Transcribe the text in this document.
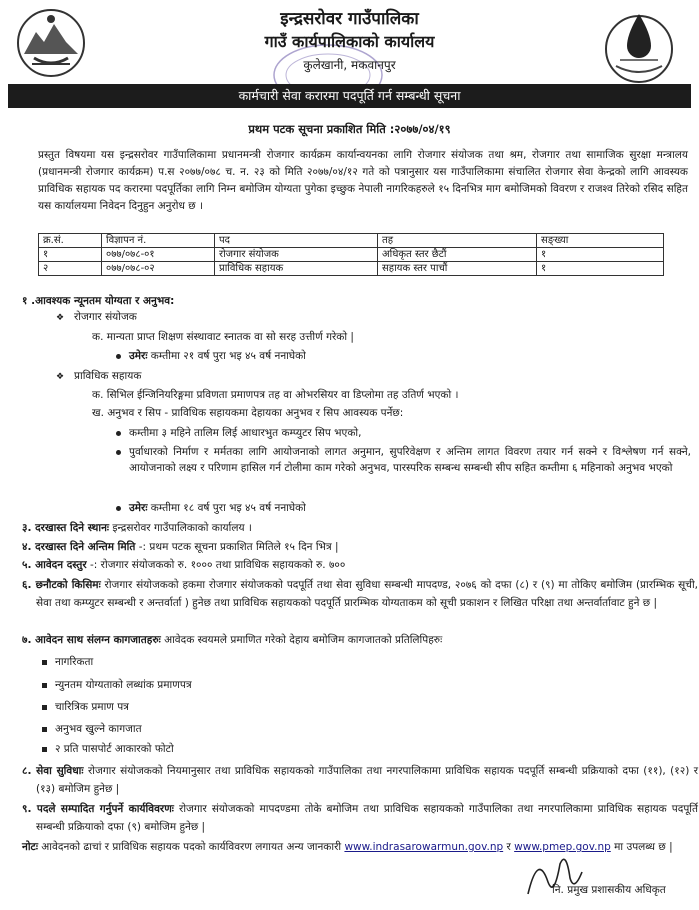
इन्द्रसरोवर गाउँपालिका
गाउँ कार्यपालिकाको कार्यालय
कुलेखानी, मकवानपुर
कार्मचारी सेवा करारमा पदपूर्ति गर्न सम्बन्धी सूचना
प्रथम पटक सूचना प्रकाशित मिति :२०७७/०४/१९
प्रस्तुत विषयमा यस इन्द्रसरोवर गाउँपालिकामा प्रधानमन्त्री रोजगार कार्यक्रम कार्यान्वयनका लागि रोजगार संयोजक तथा श्रम, रोजगार तथा सामाजिक सुरक्षा मन्त्रालय (प्रधानमन्त्री रोजगार कार्यक्रम) प.स २०७७/०७८ च. न. २३ को मिति २०७७/०४/१२ गते को पत्रानुसार यस गाउँपालिकामा संचालित रोजगार सेवा केन्द्रको लागि आवस्यक प्राविधिक सहायक पद करारमा पदपूर्तिका लागि निम्न बमोजिम योग्यता पुगेका इच्छुक नेपाली नागरिकहरुले १५ दिनभित्र माग बमोजिमको विवरण र राजश्व तिरेको रसिद सहित यस कार्यालयमा निवेदन दिनुहुन अनुरोध छ ।
क्र.सं.	विज्ञापन नं.	पद	तह	सङ्ख्या
१	०७७/०७८-०१	रोजगार संयोजक	अधिकृत स्तर छैटौं	१
२	०७७/०७८-०२	प्राविधिक सहायक	सहायक स्तर पाचौं	१
१ .आवश्यक न्यूनतम योग्यता र अनुभव:
❖ रोजगार संयोजक
क. मान्यता प्राप्त शिक्षण संस्थावाट स्नातक वा सो सरह उत्तीर्ण गरेको |
उमेरः कम्तीमा २१ वर्ष पुरा भइ ४५ वर्ष ननाघेको
❖ प्राविधिक सहायक
क. सिभिल ईन्जिनियरिङ्गमा प्रविणता प्रमाणपत्र तह वा ओभरसियर वा डिप्लोमा तह उतिर्ण भएको ।
ख. अनुभव र सिप - प्राविधिक सहायकमा देहायका अनुभव र सिप आवस्यक पर्नेछ:
कम्तीमा ३ महिने तालिम लिई आधारभुत कम्प्युटर सिप भएको,
पुर्वाधारको निर्माण र मर्मतका लागि आयोजनाको लागत अनुमान, सुपरिवेक्षण र अन्तिम लागत विवरण तयार गर्न सक्ने र विश्लेषण गर्न सक्ने, आयोजनाको लक्ष्य र परिणाम हासिल गर्न टोलीमा काम गरेको अनुभव, पारस्परिक सम्बन्ध सम्बन्धी सीप सहित कम्तीमा ६ महिनाको अनुभव भएको
उमेरः कम्तीमा १८ वर्ष पुरा भइ ४५ वर्ष ननाघेको
३. दरखास्त दिने स्थानः इन्द्रसरोवर गाउँपालिकाको कार्यालय ।
४. दरखास्त दिने अन्तिम मिति -: प्रथम पटक सूचना प्रकाशित मितिले १५ दिन भित्र |
५. आवेदन दस्तुर -: रोजगार संयोजकको रु. १००० तथा प्राविधिक सहायकको रु. ७००
६. छनौटको किसिमः रोजगार संयोजकको हकमा रोजगार संयोजकको पदपूर्ति तथा सेवा सुविधा सम्बन्धी मापदण्ड, २०७६ को दफा (८) र (९) मा तोकिए बमोजिम (प्रारम्भिक सूची, सेवा तथा कम्प्युटर सम्बन्धी र अन्तर्वार्ता ) हुनेछ तथा प्राविधिक सहायकको पदपूर्ति प्रारम्भिक योग्यताकम को सूची प्रकाशन र लिखित परिक्षा तथा अन्तर्वार्तावाट हुने छ |
७. आवेदन साथ संलग्न कागजातहरुः आवेदक स्वयमले प्रमाणित गरेको देहाय बमोजिम कागजातको प्रतिलिपिहरुः
नागरिकता
न्युनतम योग्यताको लब्धांक प्रमाणपत्र
चारित्रिक प्रमाण पत्र
अनुभव खुल्ने कागजात
२ प्रति पासपोर्ट आकारको फोटो
८. सेवा सुविधाः रोजगार संयोजकको नियमानुसार तथा प्राविधिक सहायकको गाउँपालिका तथा नगरपालिकामा प्राविधिक सहायक पदपूर्ति सम्बन्धी प्रक्रियाको दफा (११), (१२) र (१३) बमोजिम हुनेछ |
९. पदले सम्पादित गर्नुपर्ने कार्यविवरणः रोजगार संयोजकको मापदण्डमा तोके बमोजिम तथा प्राविधिक सहायकको गाउँपालिका तथा नगरपालिकामा प्राविधिक सहायक पदपूर्ति सम्बन्धी प्रक्रियाको दफा (९) बमोजिम हुनेछ |
नोटः आवेदनको ढाचां र प्राविधिक सहायक पदको कार्यविवरण लगायत अन्य जानकारी www.indrasarowarmun.gov.np र www.pmep.gov.np मा उपलब्ध छ |
नि. प्रमुख प्रशासकीय अधिकृत
